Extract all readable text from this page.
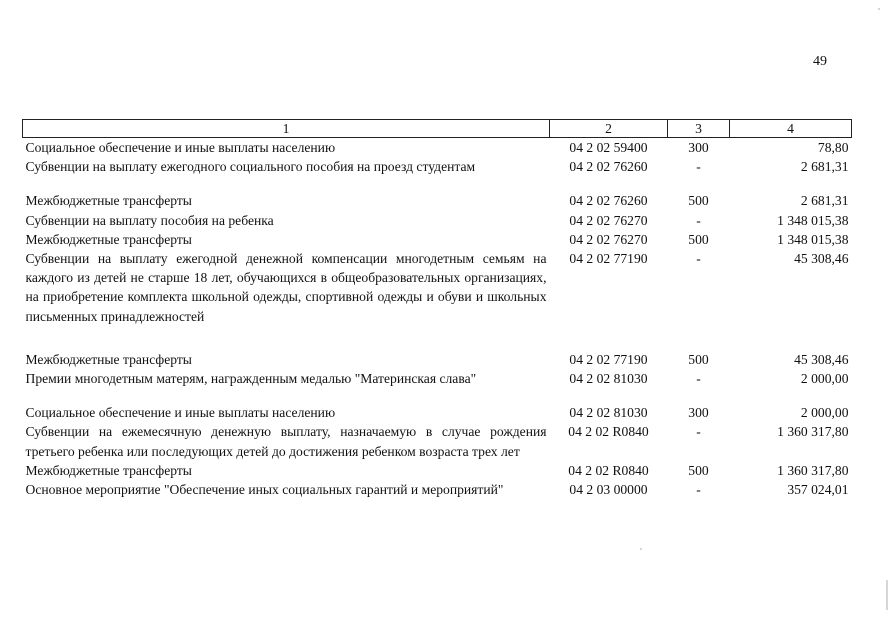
49
1	2	3	4
Социальное обеспечение и иные выплаты населению	04 2 02 59400	300	78,80
Субвенции на выплату ежегодного социального пособия на проезд студентам	04 2 02 76260	-	2 681,31

Межбюджетные трансферты	04 2 02 76260	500	2 681,31
Субвенции на выплату пособия на ребенка	04 2 02 76270	-	1 348 015,38
Межбюджетные трансферты	04 2 02 76270	500	1 348 015,38
Субвенции на выплату ежегодной денежной компенсации многодетным семьям на каждого из детей не старше 18 лет, обучающихся в общеобразовательных организациях, на приобретение комплекта школьной одежды, спортивной одежды и обуви и школьных письменных принадлежностей	04 2 02 77190	-	45 308,46

Межбюджетные трансферты	04 2 02 77190	500	45 308,46
Премии многодетным матерям, награжденным медалью "Материнская слава"	04 2 02 81030	-	2 000,00

Социальное обеспечение и иные выплаты населению	04 2 02 81030	300	2 000,00
Субвенции на ежемесячную денежную выплату, назначаемую в случае рождения третьего ребенка или последующих детей до достижения ребенком возраста трех лет	04 2 02 R0840	-	1 360 317,80
Межбюджетные трансферты	04 2 02 R0840	500	1 360 317,80
Основное мероприятие "Обеспечение иных социальных гарантий и мероприятий"	04 2 03 00000	-	357 024,01
